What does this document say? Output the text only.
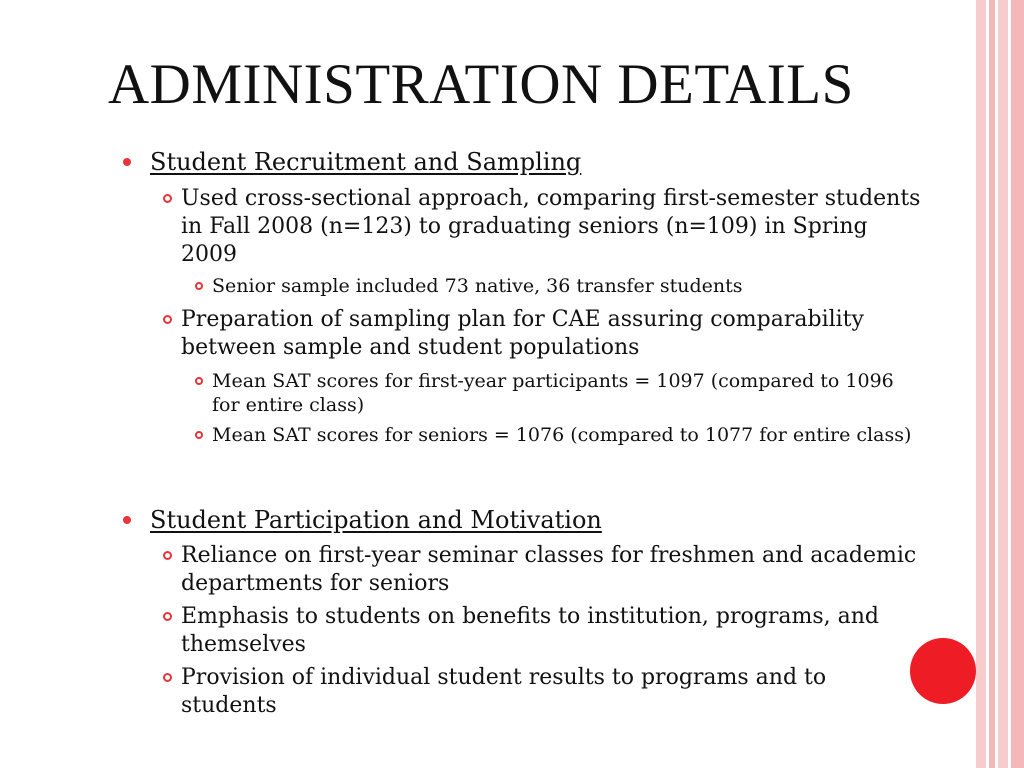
ADMINISTRATION DETAILS

Student Recruitment and Sampling

Used cross-sectional approach, comparing first-semester students in Fall 2008 (n=123) to graduating seniors (n=109) in Spring 2009

Senior sample included 73 native, 36 transfer students

Preparation of sampling plan for CAE assuring comparability between sample and student populations

Mean SAT scores for first-year participants = 1097 (compared to 1096 for entire class)

Mean SAT scores for seniors = 1076 (compared to 1077 for entire class)

Student Participation and Motivation

Reliance on first-year seminar classes for freshmen and academic departments for seniors

Emphasis to students on benefits to institution, programs, and themselves

Provision of individual student results to programs and to students
